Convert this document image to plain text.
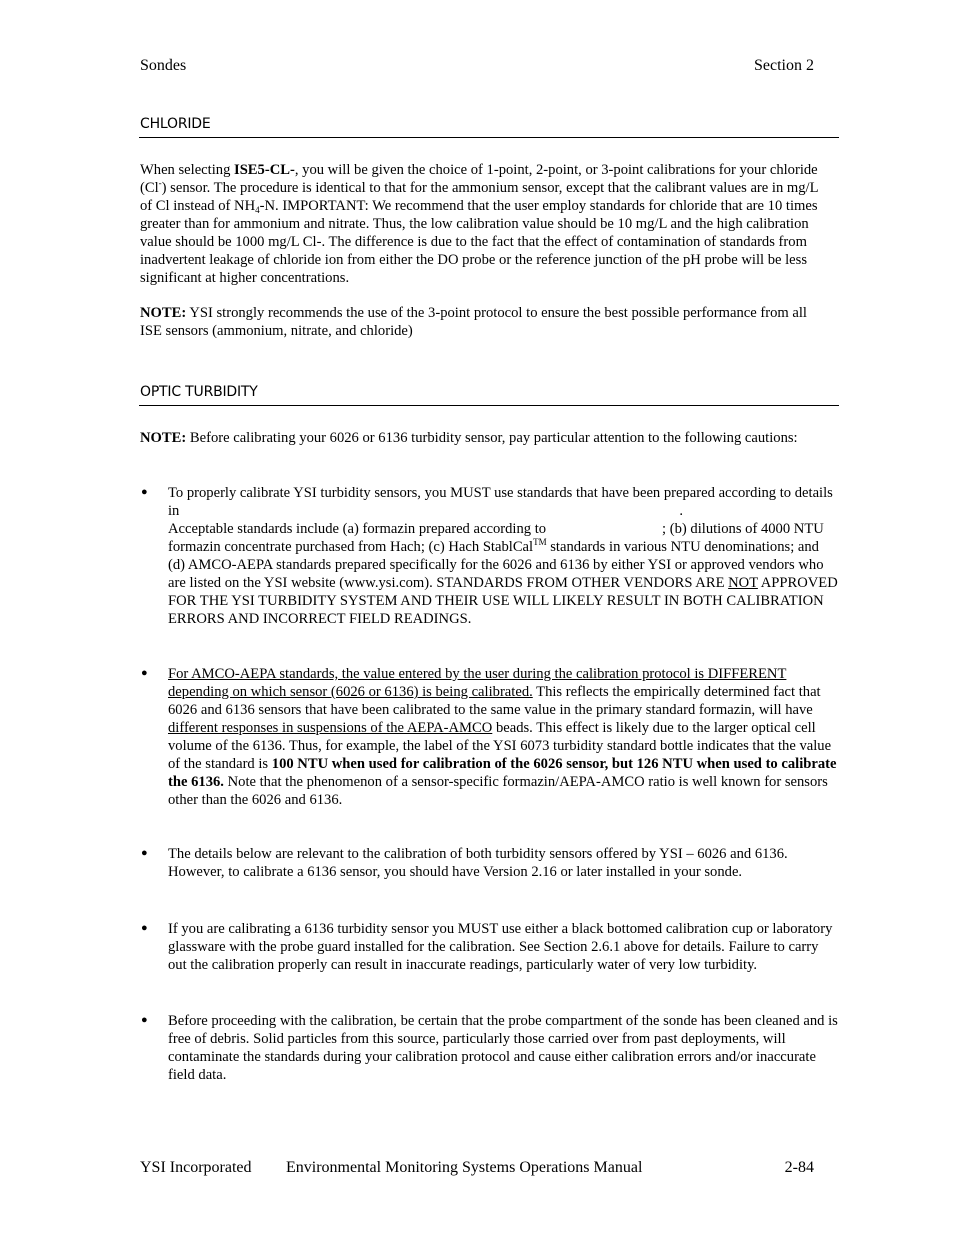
Sondes	Section 2
CHLORIDE
When selecting ISE5-CL-, you will be given the choice of 1-point, 2-point, or 3-point calibrations for your chloride (Cl-) sensor. The procedure is identical to that for the ammonium sensor, except that the calibrant values are in mg/L of Cl instead of $NH_4-N$. IMPORTANT: We recommend that the user employ standards for chloride that are 10 times greater than for ammonium and nitrate. Thus, the low calibration value should be 10 mg/L and the high calibration value should be 1000 mg/L Cl-. The difference is due to the fact that the effect of contamination of standards from inadvertent leakage of chloride ion from either the DO probe or the reference junction of the pH probe will be less significant at higher concentrations.
NOTE: YSI strongly recommends the use of the 3-point protocol to ensure the best possible performance from all ISE sensors (ammonium, nitrate, and chloride)
OPTIC TURBIDITY
NOTE: Before calibrating your 6026 or 6136 turbidity sensor, pay particular attention to the following cautions:
● To properly calibrate YSI turbidity sensors, you MUST use standards that have been prepared according to details in	.
Acceptable standards include (a) formazin prepared according to	; (b) dilutions of 4000 NTU formazin concentrate purchased from Hach; (c) Hach StablCal™ standards in various NTU denominations; and (d) AMCO-AEPA standards prepared specifically for the 6026 and 6136 by either YSI or approved vendors who are listed on the YSI website (www.ysi.com). STANDARDS FROM OTHER VENDORS ARE NOT APPROVED FOR THE YSI TURBIDITY SYSTEM AND THEIR USE WILL LIKELY RESULT IN BOTH CALIBRATION ERRORS AND INCORRECT FIELD READINGS.
● For AMCO-AEPA standards, the value entered by the user during the calibration protocol is DIFFERENT depending on which sensor (6026 or 6136) is being calibrated. This reflects the empirically determined fact that 6026 and 6136 sensors that have been calibrated to the same value in the primary standard formazin, will have different responses in suspensions of the AEPA-AMCO beads. This effect is likely due to the larger optical cell volume of the 6136. Thus, for example, the label of the YSI 6073 turbidity standard bottle indicates that the value of the standard is 100 NTU when used for calibration of the 6026 sensor, but 126 NTU when used to calibrate the 6136. Note that the phenomenon of a sensor-specific formazin/AEPA-AMCO ratio is well known for sensors other than the 6026 and 6136.
● The details below are relevant to the calibration of both turbidity sensors offered by YSI – 6026 and 6136. However, to calibrate a 6136 sensor, you should have Version 2.16 or later installed in your sonde.
● If you are calibrating a 6136 turbidity sensor you MUST use either a black bottomed calibration cup or laboratory glassware with the probe guard installed for the calibration. See Section 2.6.1 above for details. Failure to carry out the calibration properly can result in inaccurate readings, particularly water of very low turbidity.
● Before proceeding with the calibration, be certain that the probe compartment of the sonde has been cleaned and is free of debris. Solid particles from this source, particularly those carried over from past deployments, will contaminate the standards during your calibration protocol and cause either calibration errors and/or inaccurate field data.
YSI Incorporated Environmental Monitoring Systems Operations Manual	2-84
